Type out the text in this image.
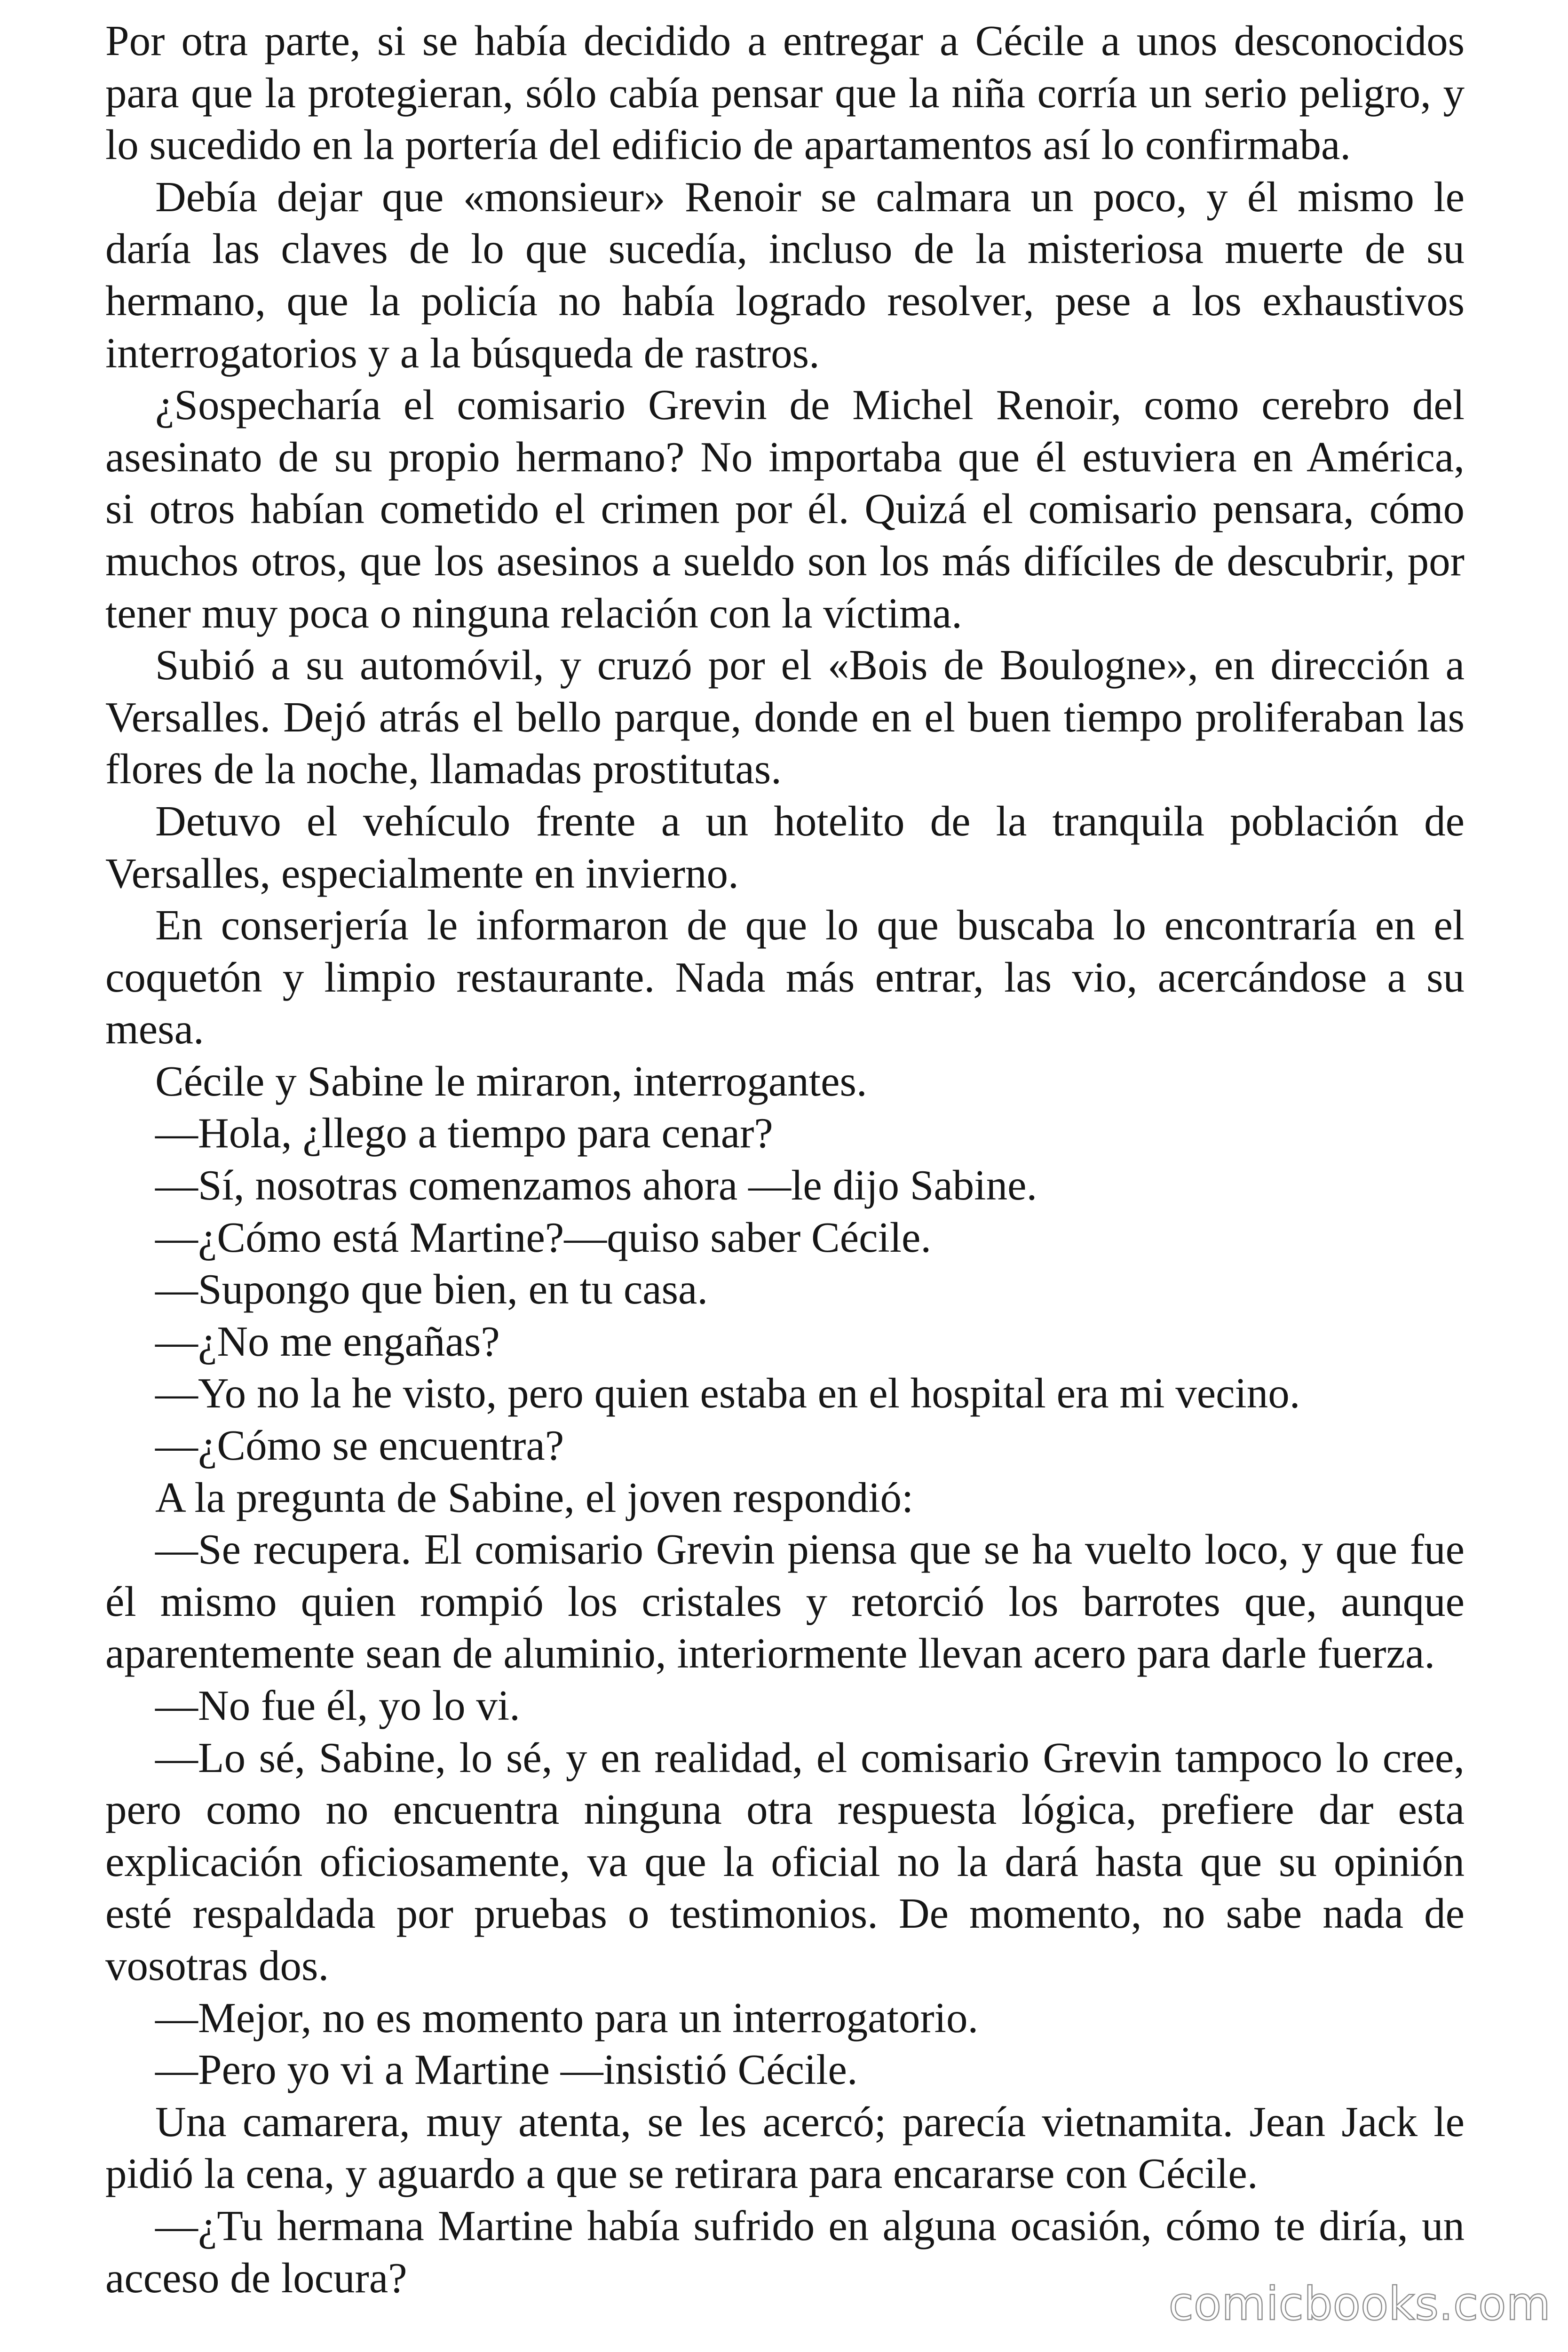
Por otra parte, si se había decidido a entregar a Cécile a unos desconocidos
para que la protegieran, sólo cabía pensar que la niña corría un serio peligro, y
lo sucedido en la portería del edificio de apartamentos así lo confirmaba.
Debía dejar que «monsieur» Renoir se calmara un poco, y él mismo le
daría las claves de lo que sucedía, incluso de la misteriosa muerte de su
hermano, que la policía no había logrado resolver, pese a los exhaustivos
interrogatorios y a la búsqueda de rastros.
¿Sospecharía el comisario Grevin de Michel Renoir, como cerebro del
asesinato de su propio hermano? No importaba que él estuviera en América,
si otros habían cometido el crimen por él. Quizá el comisario pensara, cómo
muchos otros, que los asesinos a sueldo son los más difíciles de descubrir, por
tener muy poca o ninguna relación con la víctima.
Subió a su automóvil, y cruzó por el «Bois de Boulogne», en dirección a
Versalles. Dejó atrás el bello parque, donde en el buen tiempo proliferaban las
flores de la noche, llamadas prostitutas.
Detuvo el vehículo frente a un hotelito de la tranquila población de
Versalles, especialmente en invierno.
En conserjería le informaron de que lo que buscaba lo encontraría en el
coquetón y limpio restaurante. Nada más entrar, las vio, acercándose a su
mesa.
Cécile y Sabine le miraron, interrogantes.
—Hola, ¿llego a tiempo para cenar?
—Sí, nosotras comenzamos ahora —le dijo Sabine.
—¿Cómo está Martine?—quiso saber Cécile.
—Supongo que bien, en tu casa.
—¿No me engañas?
—Yo no la he visto, pero quien estaba en el hospital era mi vecino.
—¿Cómo se encuentra?
A la pregunta de Sabine, el joven respondió:
—Se recupera. El comisario Grevin piensa que se ha vuelto loco, y que fue
él mismo quien rompió los cristales y retorció los barrotes que, aunque
aparentemente sean de aluminio, interiormente llevan acero para darle fuerza.
—No fue él, yo lo vi.
—Lo sé, Sabine, lo sé, y en realidad, el comisario Grevin tampoco lo cree,
pero como no encuentra ninguna otra respuesta lógica, prefiere dar esta
explicación oficiosamente, va que la oficial no la dará hasta que su opinión
esté respaldada por pruebas o testimonios. De momento, no sabe nada de
vosotras dos.
—Mejor, no es momento para un interrogatorio.
—Pero yo vi a Martine —insistió Cécile.
Una camarera, muy atenta, se les acercó; parecía vietnamita. Jean Jack le
pidió la cena, y aguardo a que se retirara para encararse con Cécile.
—¿Tu hermana Martine había sufrido en alguna ocasión, cómo te diría, un
acceso de locura?	comicbooks.com
